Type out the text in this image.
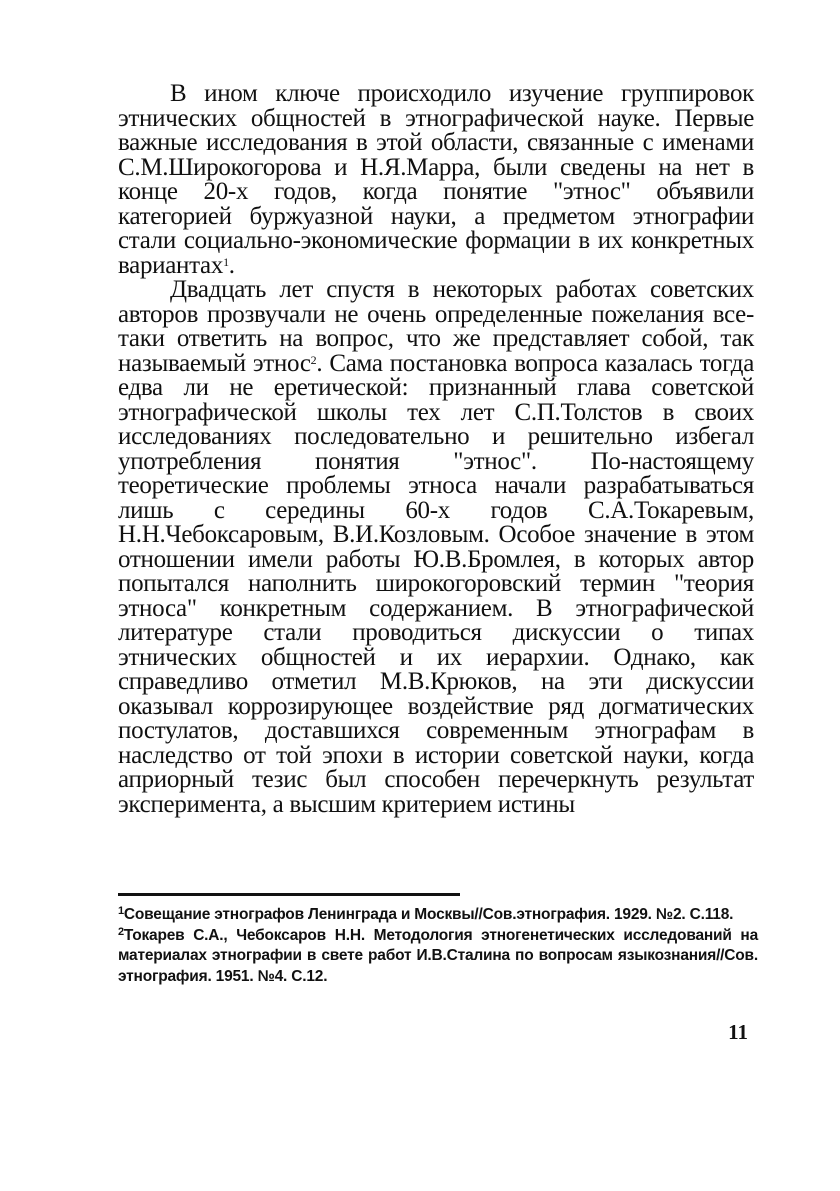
В ином ключе происходило изучение группировок этнических общностей в этнографической науке. Первые важные исследования в этой области, связанные с именами С.М.Широкогорова и Н.Я.Марра, были сведены на нет в конце 20-х годов, когда понятие "этнос" объявили категорией буржуазной науки, а предметом этнографии стали социально-экономические формации в их конкретных вариантах$^1$.

Двадцать лет спустя в некоторых работах советских авторов прозвучали не очень определенные пожелания все-таки ответить на вопрос, что же представляет собой, так называемый этнос$^2$. Сама постановка вопроса казалась тогда едва ли не еретической: признанный глава советской этнографической школы тех лет С.П.Толстов в своих исследованиях последовательно и решительно избегал употребления понятия "этнос". По-настоящему теоретические проблемы этноса начали разрабатываться лишь с середины 60-х годов С.А.Токаревым, Н.Н.Чебоксаровым, В.И.Козловым. Особое значение в этом отношении имели работы Ю.В.Бромлея, в которых автор попытался наполнить широкогоровский термин "теория этноса" конкретным содержанием. В этнографической литературе стали проводиться дискуссии о типах этнических общностей и их иерархии. Однако, как справедливо отметил М.В.Крюков, на эти дискуссии оказывал коррозирующее воздействие ряд догматических постулатов, доставшихся современным этнографам в наследство от той эпохи в истории советской науки, когда априорный тезис был способен перечеркнуть результат эксперимента, а высшим критерием истины

$^1$Совещание этнографов Ленинграда и Москвы//Сов.этнография. 1929. №2. С.118.

$^2$Токарев С.А., Чебоксаров Н.Н. Методология этногенетических исследований на материалах этнографии в свете работ И.В.Сталина по вопросам языкознания//Сов. этнография. 1951. №4. С.12.

11
